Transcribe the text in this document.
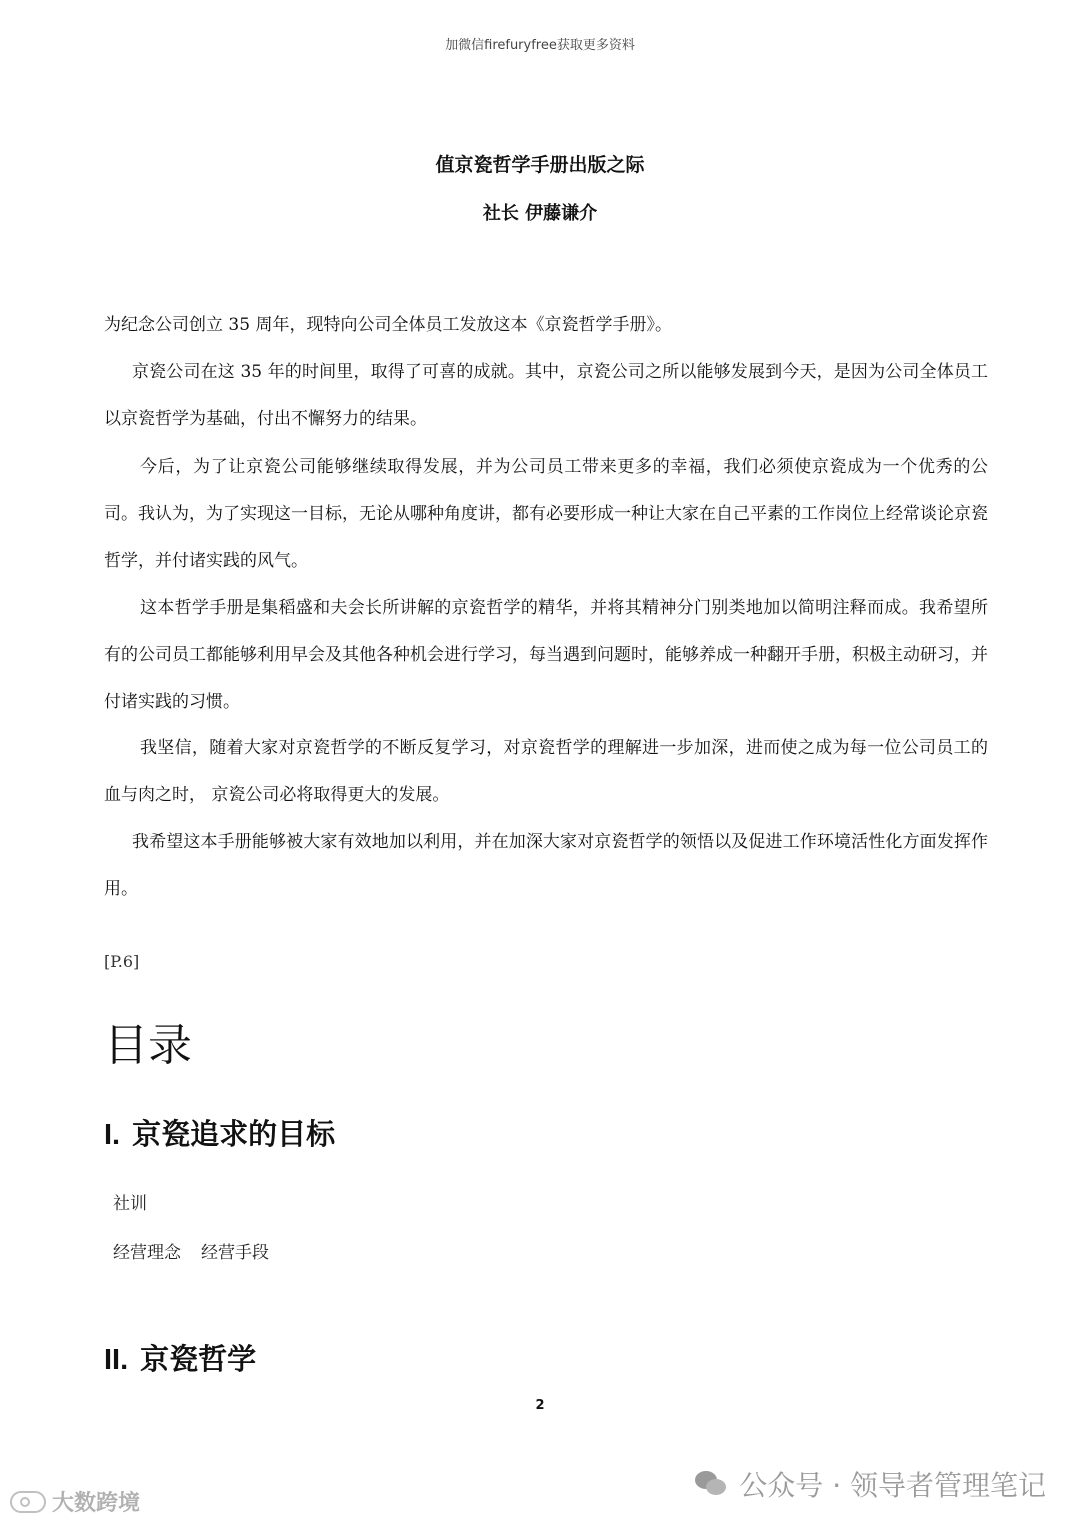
加微信firefuryfree获取更多资料
值京瓷哲学手册出版之际
社长 伊藤谦介

为纪念公司创立 35 周年，现特向公司全体员工发放这本《京瓷哲学手册》。

京瓷公司在这 35 年的时间里，取得了可喜的成就。其中，京瓷公司之所以能够发展到今天，是因为公司全体员工以京瓷哲学为基础，付出不懈努力的结果。

今后，为了让京瓷公司能够继续取得发展，并为公司员工带来更多的幸福，我们必须使京瓷成为一个优秀的公司。我认为，为了实现这一目标，无论从哪种角度讲，都有必要形成一种让大家在自己平素的工作岗位上经常谈论京瓷哲学，并付诸实践的风气。

这本哲学手册是集稻盛和夫会长所讲解的京瓷哲学的精华，并将其精神分门别类地加以简明注释而成。我希望所有的公司员工都能够利用早会及其他各种机会进行学习，每当遇到问题时，能够养成一种翻开手册，积极主动研习，并付诸实践的习惯。

我坚信，随着大家对京瓷哲学的不断反复学习，对京瓷哲学的理解进一步加深，进而使之成为每一位公司员工的血与肉之时， 京瓷公司必将取得更大的发展。

我希望这本手册能够被大家有效地加以利用，并在加深大家对京瓷哲学的领悟以及促进工作环境活性化方面发挥作用。

[P.6]
目录
I. 京瓷追求的目标
社训
经营理念 经营手段
II. 京瓷哲学
2
公众号 · 领导者管理笔记
大数跨境
